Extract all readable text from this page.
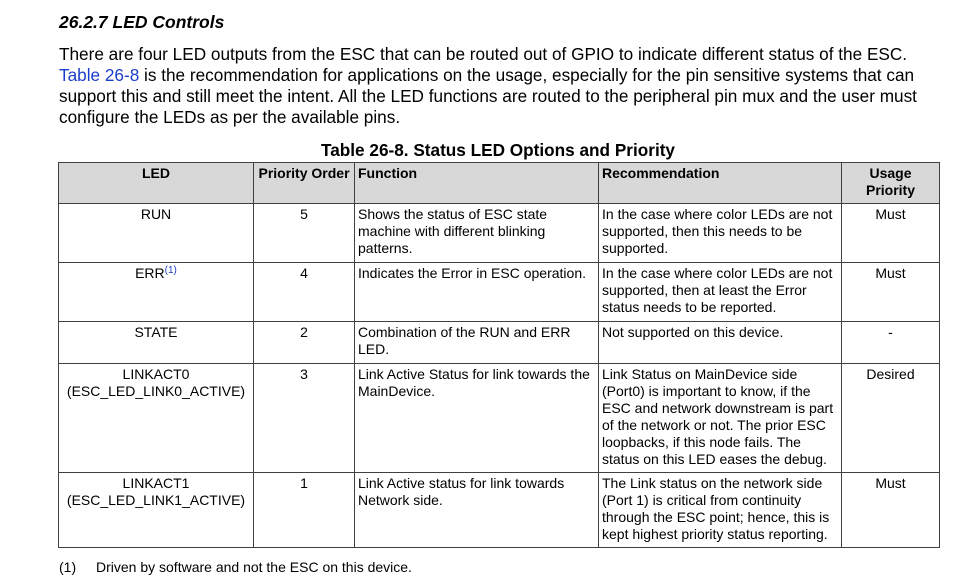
26.2.7 LED Controls
There are four LED outputs from the ESC that can be routed out of GPIO to indicate different status of the ESC. Table 26-8 is the recommendation for applications on the usage, especially for the pin sensitive systems that can support this and still meet the intent. All the LED functions are routed to the peripheral pin mux and the user must configure the LEDs as per the available pins.
Table 26-8. Status LED Options and Priority
LED	Priority Order	Function	Recommendation	Usage Priority
RUN	5	Shows the status of ESC state machine with different blinking patterns.	In the case where color LEDs are not supported, then this needs to be supported.	Must
ERR$^{(1)}$	4	Indicates the Error in ESC operation.	In the case where color LEDs are not supported, then at least the Error status needs to be reported.	Must
STATE	2	Combination of the RUN and ERR LED.	Not supported on this device.	-

LINKACT0
(ESC_LED_LINK0_ACTIVE)	3	Link Active Status for link towards the MainDevice.	Link Status on MainDevice side (Port0) is important to know, if the ESC and network downstream is part of the network or not. The prior ESC loopbacks, if this node fails. The status on this LED eases the debug.	Desired

LINKACT1
(ESC_LED_LINK1_ACTIVE)	1	Link Active status for link towards Network side.	The Link status on the network side (Port 1) is critical from continuity through the ESC point; hence, this is kept highest priority status reporting.	Must
(1) Driven by software and not the ESC on this device.
